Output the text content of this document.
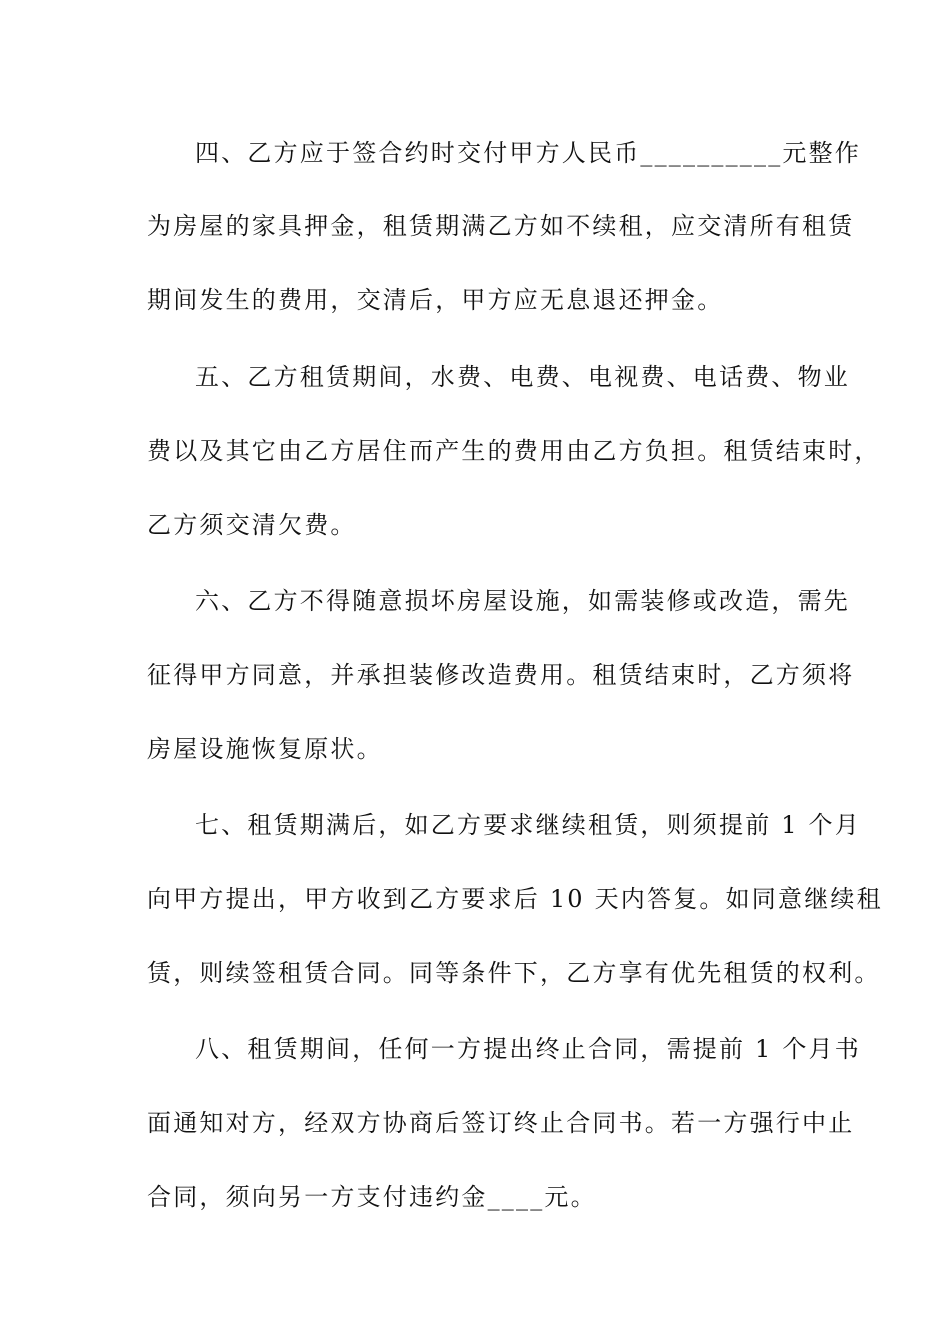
四、乙方应于签合约时交付甲方人民币__________元整作
为房屋的家具押金，租赁期满乙方如不续租，应交清所有租赁
期间发生的费用，交清后，甲方应无息退还押金。
五、乙方租赁期间，水费、电费、电视费、电话费、物业
费以及其它由乙方居住而产生的费用由乙方负担。租赁结束时，
乙方须交清欠费。
六、乙方不得随意损坏房屋设施，如需装修或改造，需先
征得甲方同意，并承担装修改造费用。租赁结束时，乙方须将
房屋设施恢复原状。
七、租赁期满后，如乙方要求继续租赁，则须提前 1 个月
向甲方提出，甲方收到乙方要求后 10 天内答复。如同意继续租
赁，则续签租赁合同。同等条件下，乙方享有优先租赁的权利。
八、租赁期间，任何一方提出终止合同，需提前 1 个月书
面通知对方，经双方协商后签订终止合同书。若一方强行中止
合同，须向另一方支付违约金____元。
